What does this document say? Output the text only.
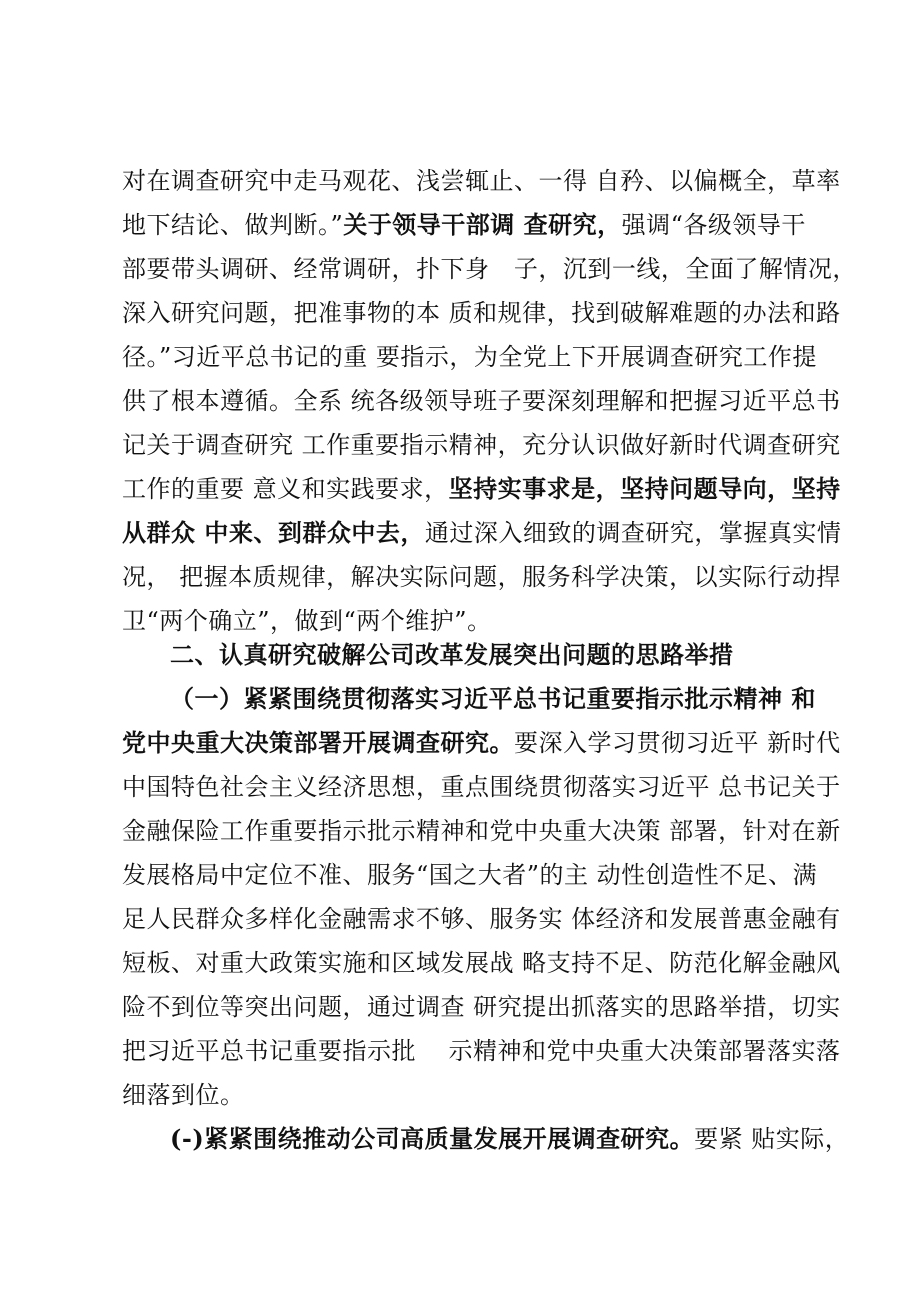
对在调查研究中走马观花、浅尝辄止、一得 自矜、以偏概全，草率
地下结论、做判断。”关于领导干部调 查研究，强调“各级领导干
部要带头调研、经常调研，扑下身   子，沉到一线，全面了解情况，
深入研究问题，把准事物的本 质和规律，找到破解难题的办法和路
径。”习近平总书记的重 要指示，为全党上下开展调查研究工作提
供了根本遵循。全系 统各级领导班子要深刻理解和把握习近平总书
记关于调查研究 工作重要指示精神，充分认识做好新时代调查研究
工作的重要 意义和实践要求，坚持实事求是，坚持问题导向，坚持
从群众 中来、到群众中去，通过深入细致的调查研究，掌握真实情
况， 把握本质规律，解决实际问题，服务科学决策，以实际行动捍
卫“两个确立”，做到“两个维护”。
二、认真研究破解公司改革发展突出问题的思路举措
（一）紧紧围绕贯彻落实习近平总书记重要指示批示精神 和
党中央重大决策部署开展调查研究。要深入学习贯彻习近平 新时代
中国特色社会主义经济思想，重点围绕贯彻落实习近平 总书记关于
金融保险工作重要指示批示精神和党中央重大决策 部署，针对在新
发展格局中定位不准、服务“国之大者”的主 动性创造性不足、满
足人民群众多样化金融需求不够、服务实 体经济和发展普惠金融有
短板、对重大政策实施和区域发展战 略支持不足、防范化解金融风
险不到位等突出问题，通过调查 研究提出抓落实的思路举措，切实
把习近平总书记重要指示批    示精神和党中央重大决策部署落实落
细落到位。
(-)紧紧围绕推动公司高质量发展开展调查研究。要紧 贴实际，
